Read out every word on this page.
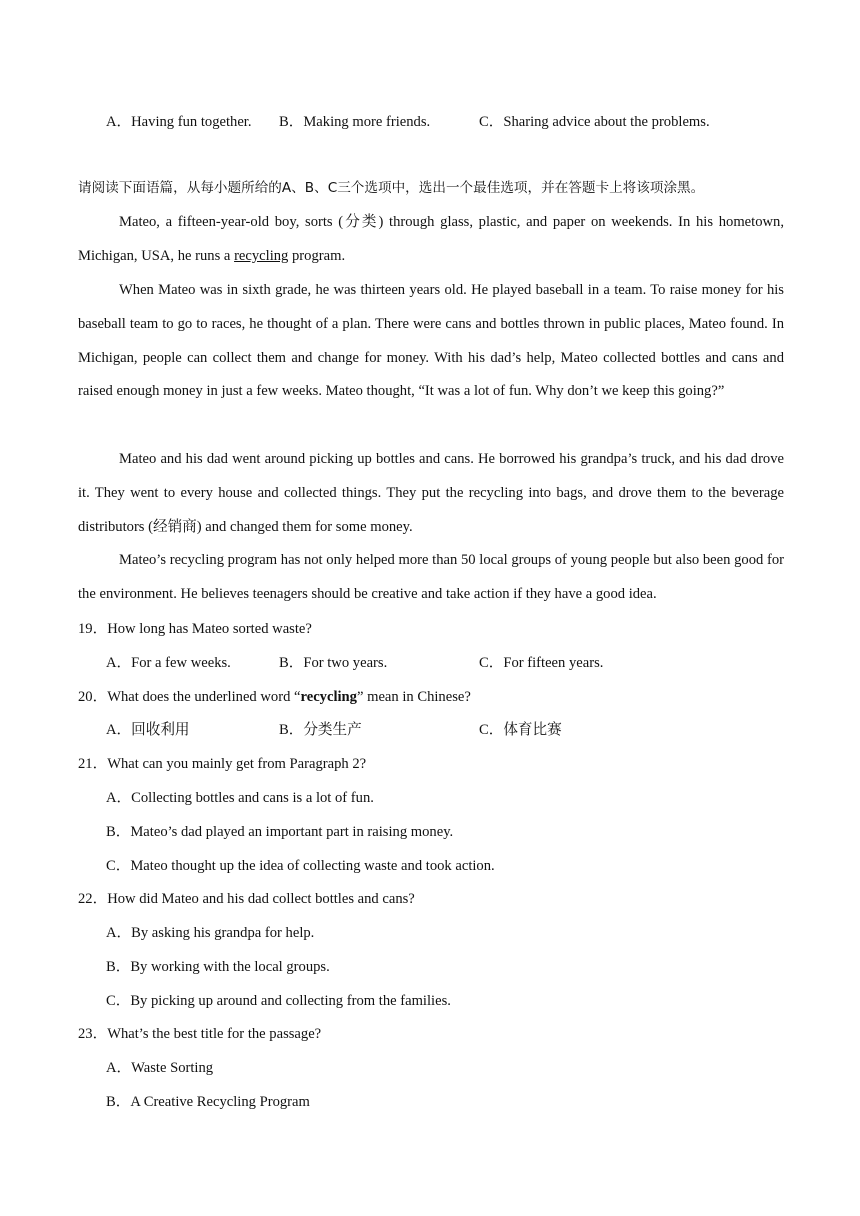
A．Having fun together. B．Making more friends.	C．Sharing advice about the problems.
请阅读下面语篇，从每小题所给的A、B、C三个选项中，选出一个最佳选项，并在答题卡上将该项涂黑。
Mateo, a fifteen-year-old boy, sorts (分类) through glass, plastic, and paper on weekends. In his hometown, Michigan, USA, he runs a recycling program.
When Mateo was in sixth grade, he was thirteen years old. He played baseball in a team. To raise money for his baseball team to go to races, he thought of a plan. There were cans and bottles thrown in public places, Mateo found. In Michigan, people can collect them and change for money. With his dad’s help, Mateo collected bottles and cans and raised enough money in just a few weeks. Mateo thought, “It was a lot of fun. Why don’t we keep this going?”
Mateo and his dad went around picking up bottles and cans. He borrowed his grandpa’s truck, and his dad drove it. They went to every house and collected things. They put the recycling into bags, and drove them to the beverage distributors (经销商) and changed them for some money.
Mateo’s recycling program has not only helped more than 50 local groups of young people but also been good for the environment. He believes teenagers should be creative and take action if they have a good idea.
19．How long has Mateo sorted waste?
A．For a few weeks.	B．For two years.	C．For fifteen years.
20．What does the underlined word “recycling” mean in Chinese?
A．回收利用	B．分类生产	C．体育比赛
21．What can you mainly get from Paragraph 2?
A．Collecting bottles and cans is a lot of fun.
B．Mateo’s dad played an important part in raising money.
C．Mateo thought up the idea of collecting waste and took action.
22．How did Mateo and his dad collect bottles and cans?
A．By asking his grandpa for help.
B．By working with the local groups.
C．By picking up around and collecting from the families.
23．What’s the best title for the passage?
A．Waste Sorting
B．A Creative Recycling Program
